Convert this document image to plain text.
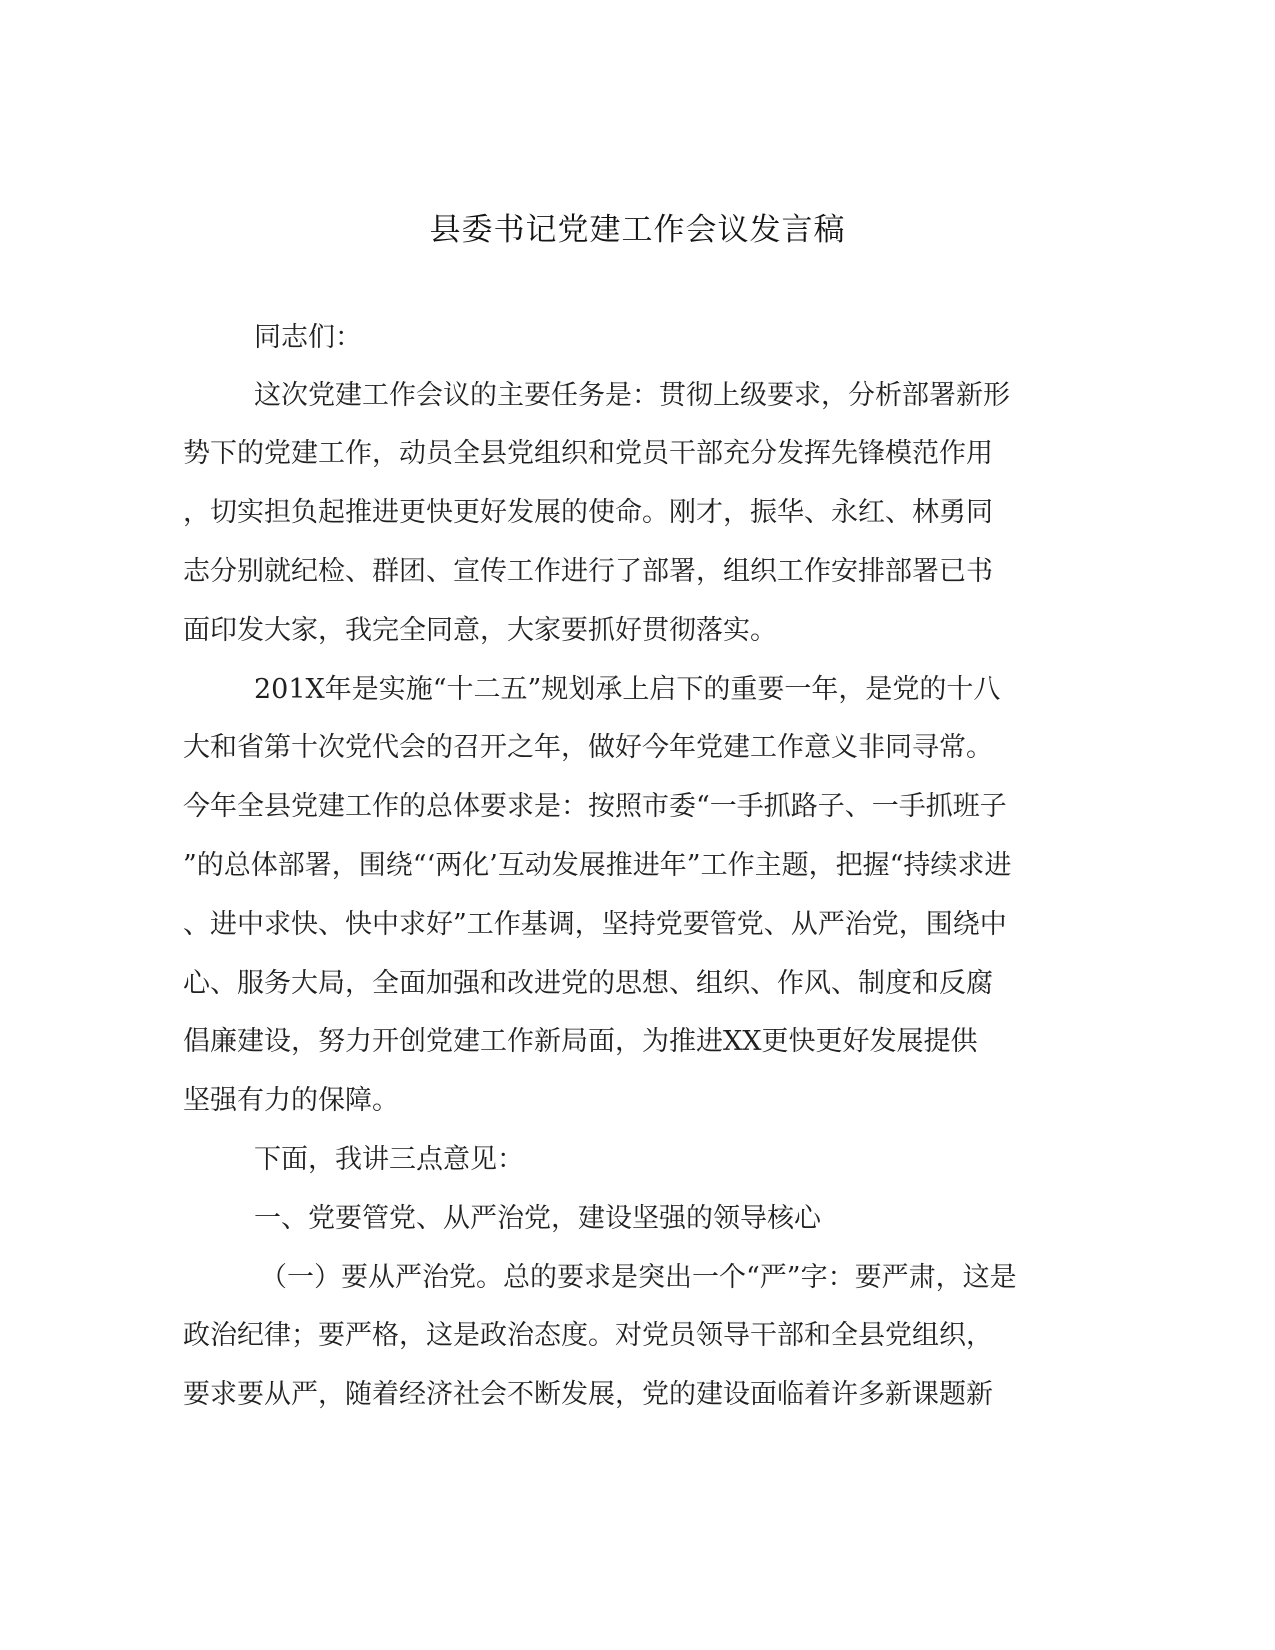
县委书记党建工作会议发言稿
同志们：
这次党建工作会议的主要任务是：贯彻上级要求，分析部署新形
势下的党建工作，动员全县党组织和党员干部充分发挥先锋模范作用
，切实担负起推进更快更好发展的使命。刚才，振华、永红、林勇同
志分别就纪检、群团、宣传工作进行了部署，组织工作安排部署已书
面印发大家，我完全同意，大家要抓好贯彻落实。
201X年是实施“十二五”规划承上启下的重要一年，是党的十八
大和省第十次党代会的召开之年，做好今年党建工作意义非同寻常。
今年全县党建工作的总体要求是：按照市委“一手抓路子、一手抓班子
”的总体部署，围绕“‘两化’互动发展推进年”工作主题，把握“持续求进
、进中求快、快中求好”工作基调，坚持党要管党、从严治党，围绕中
心、服务大局，全面加强和改进党的思想、组织、作风、制度和反腐
倡廉建设，努力开创党建工作新局面，为推进XX更快更好发展提供
坚强有力的保障。
下面，我讲三点意见：
一、党要管党、从严治党，建设坚强的领导核心
（一）要从严治党。总的要求是突出一个“严”字：要严肃，这是
政治纪律；要严格，这是政治态度。对党员领导干部和全县党组织，
要求要从严，随着经济社会不断发展，党的建设面临着许多新课题新
